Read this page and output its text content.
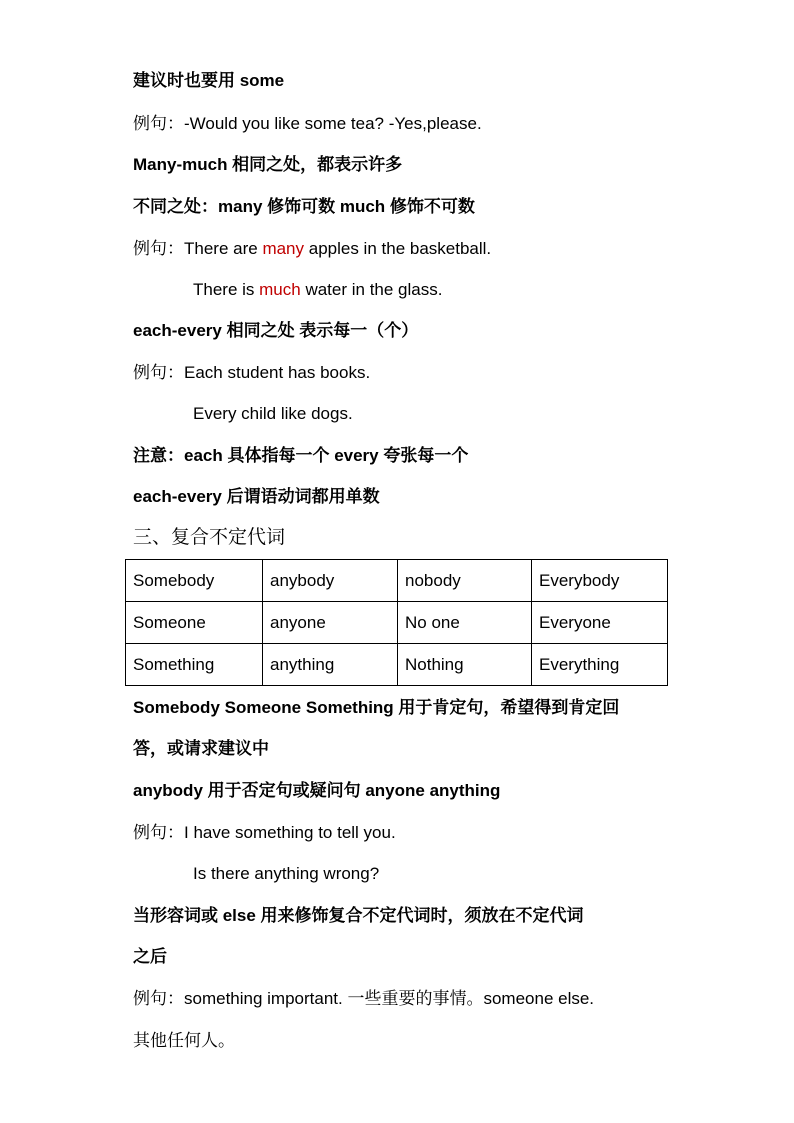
建议时也要用 some
例句：-Would you like some tea? -Yes,please.
Many-much 相同之处，都表示许多
不同之处：many 修饰可数 much 修饰不可数
例句：There are many apples in the basketball.
There is much water in the glass.
each-every 相同之处 表示每一（个）
例句：Each student has books.
Every child like dogs.
注意：each 具体指每一个 every 夸张每一个
each-every 后谓语动词都用单数
三、复合不定代词
Somebody	anybody	nobody	Everybody
Someone	anyone	No one	Everyone
Something	anything	Nothing	Everything
Somebody Someone Something 用于肯定句，希望得到肯定回
答，或请求建议中
anybody 用于否定句或疑问句 anyone anything
例句：I have something to tell you.
Is there anything wrong?
当形容词或 else 用来修饰复合不定代词时，须放在不定代词
之后
例句：something important. 一些重要的事情。someone else.
其他任何人。
